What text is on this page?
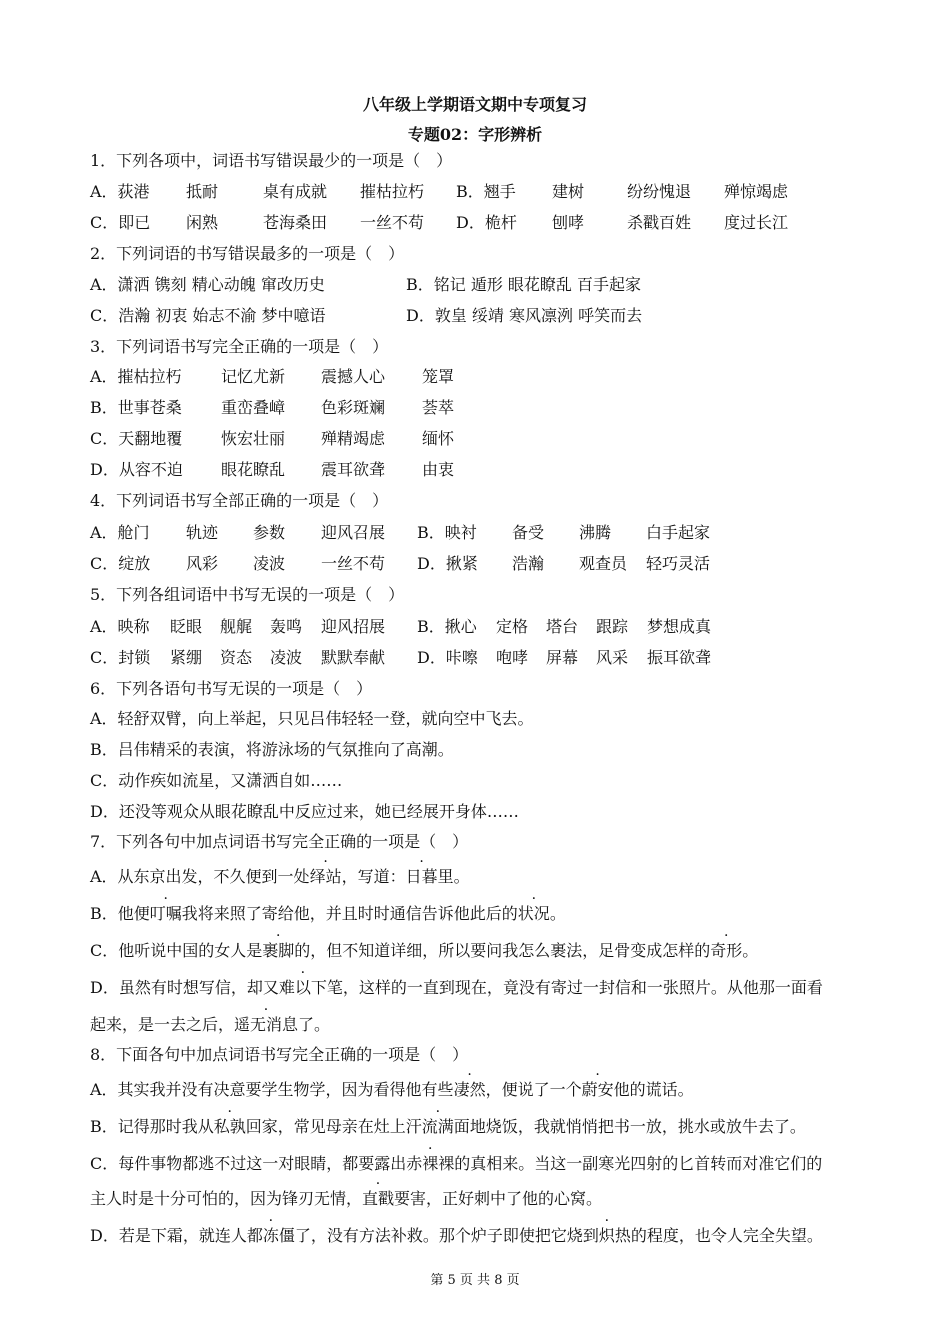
八年级上学期语文期中专项复习
专题02：字形辨析
1．下列各项中，词语书写错误最少的一项是（　）
A．荻港 抵耐	桌有成就 摧枯拉朽 B．翘手 建树	纷纷愧退 殚惊竭虑
C．即已 闲熟	苍海桑田 一丝不苟 D．桅杆 刨哮	杀戳百姓 度过长江
2．下列词语的书写错误最多的一项是（　）
A．潇洒 镌刻 精心动魄 窜改历史	B．铭记 遁形 眼花瞭乱 百手起家
C．浩瀚 初衷 始志不渝 梦中噫语	D．敦皇 绥靖 寒风凛洌 呼笑而去
3．下列词语书写完全正确的一项是（　）
A．摧枯拉朽 记忆尤新 震撼人心 笼罩
B．世事苍桑 重峦叠嶂 色彩斑斓 荟萃
C．天翻地覆 恢宏壮丽 殚精竭虑 缅怀
D．从容不迫 眼花瞭乱 震耳欲聋 由衷
4．下列词语书写全部正确的一项是（　）
A．舱门 轨迹 参数 迎风召展 B．映衬 备受 沸腾 白手起家
C．绽放 风彩 凌波 一丝不苟 D．揪紧 浩瀚 观查员 轻巧灵活
5．下列各组词语中书写无误的一项是（　）
A．映称 眨眼 舰艉 轰鸣 迎风招展 B．揪心 定格 塔台 跟踪 梦想成真
C．封锁 紧绷 资态 凌波 默默奉献 D．咔嚓 咆哮 屏幕 风采 振耳欲聋
6．下列各语句书写无误的一项是（　）
A．轻舒双臂，向上举起，只见吕伟轻轻一登，就向空中飞去。
B．吕伟精采的表演，将游泳场的气氛推向了高潮。
C．动作疾如流星，又潇洒自如……
D．还没等观众从眼花瞭乱中反应过来，她已经展开身体……
7．下列各句中加点词语书写完全正确的一项是（　）
A．从东京出发，不久便到一处绎站，写道：日暮里。
B．他便叮嘱我将来照了寄给他，并且时时通信告诉他此后的状况。
C．他听说中国的女人是裹脚的，但不知道详细，所以要问我怎么裹法，足骨变成怎样的奇形。
D．虽然有时想写信，却又难以下笔，这样的一直到现在，竟没有寄过一封信和一张照片。从他那一面看
起来，是一去之后，遥无消息了。
8．下面各句中加点词语书写完全正确的一项是（　）
A．其实我并没有决意要学生物学，因为看得他有些凄然，便说了一个蔚安他的谎话。
B．记得那时我从私孰回家，常见母亲在灶上汗流满面地烧饭，我就悄悄把书一放，挑水或放牛去了。
C．每件事物都逃不过这一对眼睛，都要露出赤裸裸的真相来。当这一副寒光四射的匕首转而对准它们的
主人时是十分可怕的，因为锋刃无情，直戳要害，正好刺中了他的心窝。
D．若是下霜，就连人都冻僵了，没有方法补救。那个炉子即使把它烧到炽热的程度，也令人完全失望。
第 5 页 共 8 页
